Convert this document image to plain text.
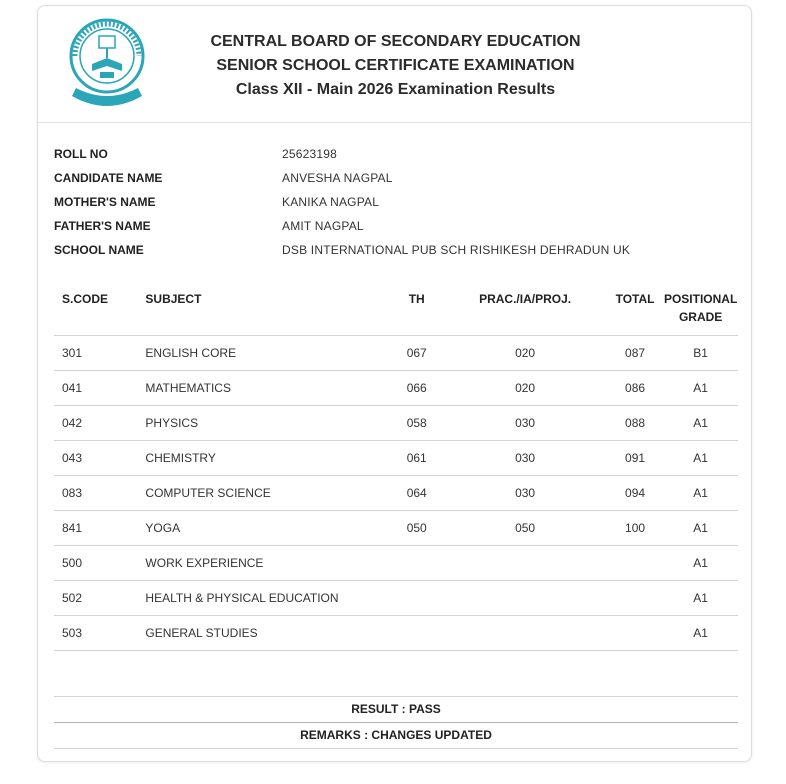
CENTRAL BOARD OF SECONDARY EDUCATION
SENIOR SCHOOL CERTIFICATE EXAMINATION
Class XII - Main 2026 Examination Results
ROLL NO	25623198
CANDIDATE NAME	ANVESHA NAGPAL
MOTHER'S NAME	KANIKA NAGPAL
FATHER'S NAME	AMIT NAGPAL
SCHOOL NAME	DSB INTERNATIONAL PUB SCH RISHIKESH DEHRADUN UK
S.CODE	SUBJECT	TH	PRAC./IA/PROJ.	TOTAL	POSITIONAL GRADE
301	ENGLISH CORE	067	020	087	B1
041	MATHEMATICS	066	020	086	A1
042	PHYSICS	058	030	088	A1
043	CHEMISTRY	061	030	091	A1
083	COMPUTER SCIENCE	064	030	094	A1
841	YOGA	050	050	100	A1
500	WORK EXPERIENCE				A1
502	HEALTH & PHYSICAL EDUCATION				A1
503	GENERAL STUDIES				A1
RESULT : PASS
REMARKS : CHANGES UPDATED
